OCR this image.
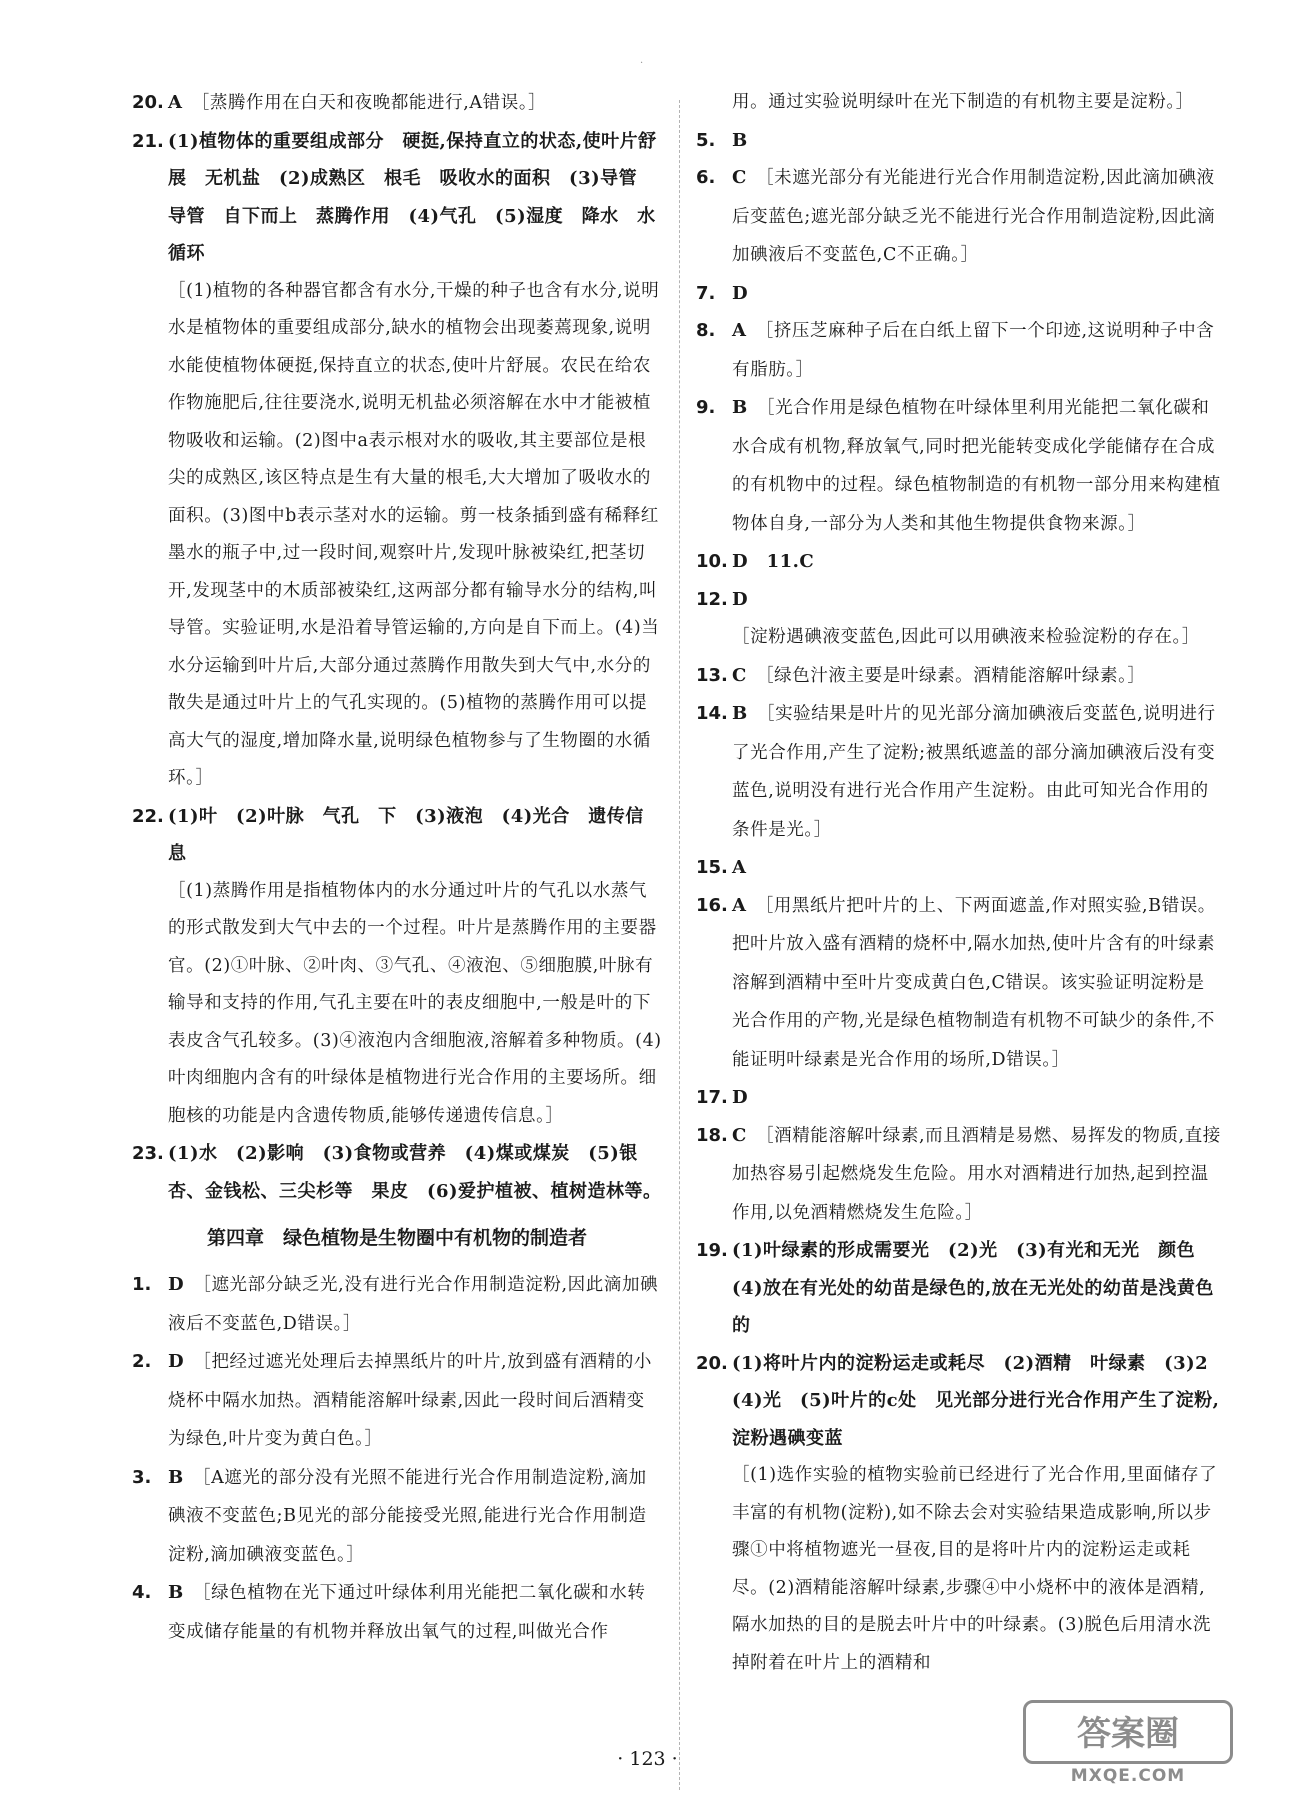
·
20. A　 ［蒸腾作用在白天和夜晚都能进行,A错误。］
21. (1)植物体的重要组成部分　硬挺,保持直立的状态,使叶片舒展　无机盐　(2)成熟区　根毛　吸收水的面积　(3)导管　导管　自下而上　蒸腾作用　(4)气孔　(5)湿度　降水　水循环
［(1)植物的各种器官都含有水分,干燥的种子也含有水分,说明水是植物体的重要组成部分,缺水的植物会出现萎蔫现象,说明水能使植物体硬挺,保持直立的状态,使叶片舒展。农民在给农作物施肥后,往往要浇水,说明无机盐必须溶解在水中才能被植物吸收和运输。(2)图中a表示根对水的吸收,其主要部位是根尖的成熟区,该区特点是生有大量的根毛,大大增加了吸收水的面积。(3)图中b表示茎对水的运输。剪一枝条插到盛有稀释红墨水的瓶子中,过一段时间,观察叶片,发现叶脉被染红,把茎切开,发现茎中的木质部被染红,这两部分都有输导水分的结构,叫导管。实验证明,水是沿着导管运输的,方向是自下而上。(4)当水分运输到叶片后,大部分通过蒸腾作用散失到大气中,水分的散失是通过叶片上的气孔实现的。(5)植物的蒸腾作用可以提高大气的湿度,增加降水量,说明绿色植物参与了生物圈的水循环。］
22. (1)叶　(2)叶脉　气孔　下　(3)液泡　(4)光合　遗传信息
［(1)蒸腾作用是指植物体内的水分通过叶片的气孔以水蒸气的形式散发到大气中去的一个过程。叶片是蒸腾作用的主要器官。(2)①叶脉、②叶肉、③气孔、④液泡、⑤细胞膜,叶脉有输导和支持的作用,气孔主要在叶的表皮细胞中,一般是叶的下表皮含气孔较多。(3)④液泡内含细胞液,溶解着多种物质。(4)叶肉细胞内含有的叶绿体是植物进行光合作用的主要场所。细胞核的功能是内含遗传物质,能够传递遗传信息。］
23. (1)水　(2)影响　(3)食物或营养　(4)煤或煤炭　(5)银杏、金钱松、三尖杉等　果皮　(6)爱护植被、植树造林等。
第四章　绿色植物是生物圈中有机物的制造者
1. D　 ［遮光部分缺乏光,没有进行光合作用制造淀粉,因此滴加碘液后不变蓝色,D错误。］
2. D　 ［把经过遮光处理后去掉黑纸片的叶片,放到盛有酒精的小烧杯中隔水加热。酒精能溶解叶绿素,因此一段时间后酒精变为绿色,叶片变为黄白色。］
3. B　 ［A遮光的部分没有光照不能进行光合作用制造淀粉,滴加碘液不变蓝色;B见光的部分能接受光照,能进行光合作用制造淀粉,滴加碘液变蓝色。］
4. B　 ［绿色植物在光下通过叶绿体利用光能把二氧化碳和水转变成储存能量的有机物并释放出氧气的过程,叫做光合作
用。通过实验说明绿叶在光下制造的有机物主要是淀粉。］
5. B
6. C　 ［未遮光部分有光能进行光合作用制造淀粉,因此滴加碘液后变蓝色;遮光部分缺乏光不能进行光合作用制造淀粉,因此滴加碘液后不变蓝色,C不正确。］
7. D
8. A　 ［挤压芝麻种子后在白纸上留下一个印迹,这说明种子中含有脂肪。］
9. B　 ［光合作用是绿色植物在叶绿体里利用光能把二氧化碳和水合成有机物,释放氧气,同时把光能转变成化学能储存在合成的有机物中的过程。绿色植物制造的有机物一部分用来构建植物体自身,一部分为人类和其他生物提供食物来源。］
10. D　11.C
12. D　［淀粉遇碘液变蓝色,因此可以用碘液来检验淀粉的存在。］
13. C　 ［绿色汁液主要是叶绿素。酒精能溶解叶绿素。］
14. B　 ［实验结果是叶片的见光部分滴加碘液后变蓝色,说明进行了光合作用,产生了淀粉;被黑纸遮盖的部分滴加碘液后没有变蓝色,说明没有进行光合作用产生淀粉。由此可知光合作用的条件是光。］
15. A
16. A　 ［用黑纸片把叶片的上、下两面遮盖,作对照实验,B错误。把叶片放入盛有酒精的烧杯中,隔水加热,使叶片含有的叶绿素溶解到酒精中至叶片变成黄白色,C错误。该实验证明淀粉是光合作用的产物,光是绿色植物制造有机物不可缺少的条件,不能证明叶绿素是光合作用的场所,D错误。］
17. D
18. C　 ［酒精能溶解叶绿素,而且酒精是易燃、易挥发的物质,直接加热容易引起燃烧发生危险。用水对酒精进行加热,起到控温作用,以免酒精燃烧发生危险。］
19. (1)叶绿素的形成需要光　(2)光　(3)有光和无光　颜色　(4)放在有光处的幼苗是绿色的,放在无光处的幼苗是浅黄色的
20. (1)将叶片内的淀粉运走或耗尽　(2)酒精　叶绿素　(3)2　(4)光　(5)叶片的c处　见光部分进行光合作用产生了淀粉,淀粉遇碘变蓝
［(1)选作实验的植物实验前已经进行了光合作用,里面储存了丰富的有机物(淀粉),如不除去会对实验结果造成影响,所以步骤①中将植物遮光一昼夜,目的是将叶片内的淀粉运走或耗尽。(2)酒精能溶解叶绿素,步骤④中小烧杯中的液体是酒精,隔水加热的目的是脱去叶片中的叶绿素。(3)脱色后用清水洗掉附着在叶片上的酒精和
· 123 ·
答案圈
MXQE.COM
